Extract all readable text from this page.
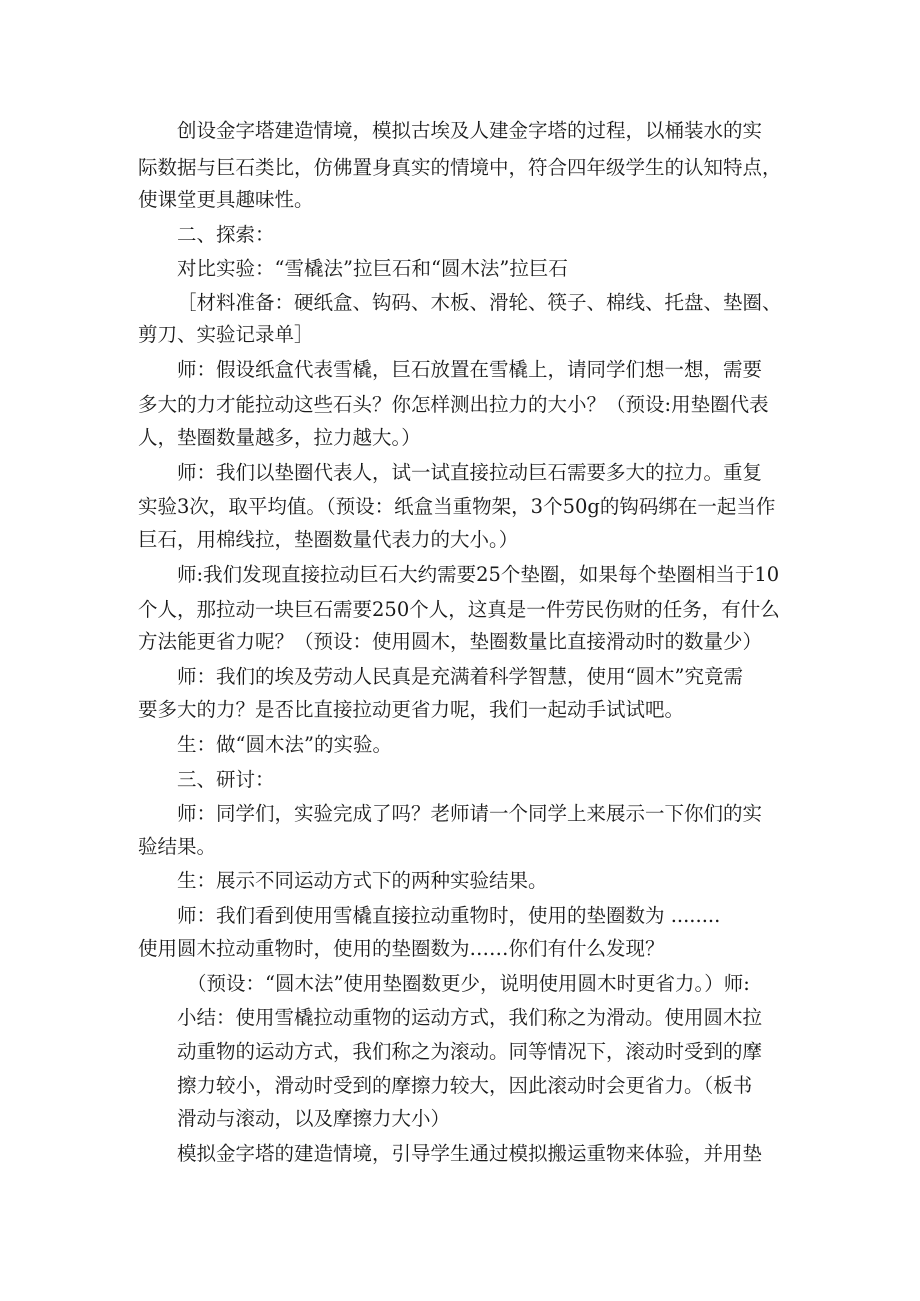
创设金字塔建造情境，模拟古埃及人建金字塔的过程，以桶装水的实

际数据与巨石类比，仿佛置身真实的情境中，符合四年级学生的认知特点，

使课堂更具趣味性。

二、探索：

对比实验：“雪橇法”拉巨石和“圆木法”拉巨石

［材料准备：硬纸盒、钩码、木板、滑轮、筷子、棉线、托盘、垫圈、

剪刀、实验记录单］

师：假设纸盒代表雪橇，巨石放置在雪橇上，请同学们想一想，需要

多大的力才能拉动这些石头？你怎样测出拉力的大小？（预设:用垫圈代表

人，垫圈数量越多，拉力越大。）

师：我们以垫圈代表人，试一试直接拉动巨石需要多大的拉力。重复

实验3次，取平均值。（预设：纸盒当重物架，3个50g的钩码绑在一起当作

巨石，用棉线拉，垫圈数量代表力的大小。）

师:我们发现直接拉动巨石大约需要25个垫圈，如果每个垫圈相当于10

个人，那拉动一块巨石需要250个人，这真是一件劳民伤财的任务，有什么

方法能更省力呢？（预设：使用圆木，垫圈数量比直接滑动时的数量少）

师：我们的埃及劳动人民真是充满着科学智慧，使用“圆木”究竟需

要多大的力？是否比直接拉动更省力呢，我们一起动手试试吧。

生：做“圆木法”的实验。

三、研讨：

师：同学们，实验完成了吗？老师请一个同学上来展示一下你们的实

验结果。

生：展示不同运动方式下的两种实验结果。

师：我们看到使用雪橇直接拉动重物时，使用的垫圈数为 ........

使用圆木拉动重物时，使用的垫圈数为……你们有什么发现？

（预设：“圆木法”使用垫圈数更少，说明使用圆木时更省力。）师:

小结：使用雪橇拉动重物的运动方式，我们称之为滑动。使用圆木拉

动重物的运动方式，我们称之为滚动。同等情况下，滚动时受到的摩

擦力较小，滑动时受到的摩擦力较大，因此滚动时会更省力。（板书

滑动与滚动，以及摩擦力大小）

模拟金字塔的建造情境，引导学生通过模拟搬运重物来体验，并用垫
